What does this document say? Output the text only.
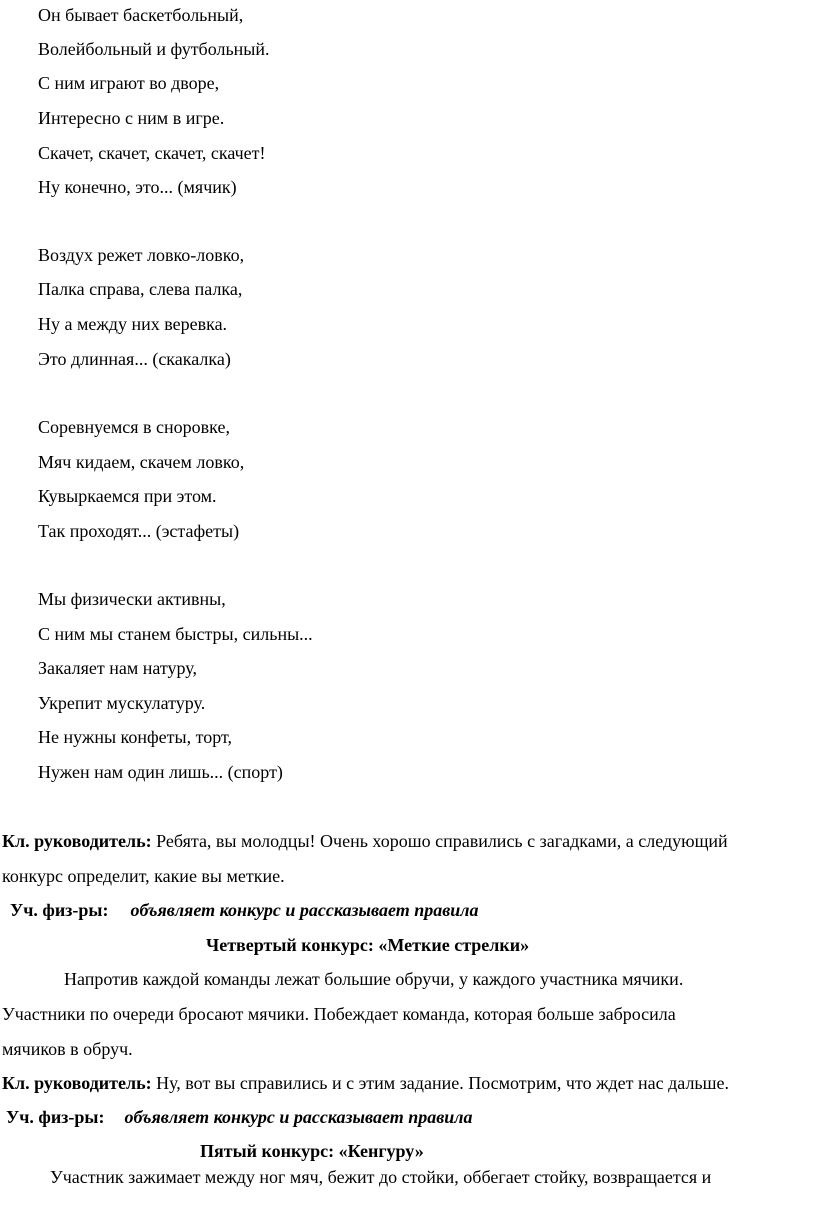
Он бывает баскетбольный,
Волейбольный и футбольный.
С ним играют во дворе,
Интересно с ним в игре.
Скачет, скачет, скачет, скачет!
Ну конечно, это... (мячик)
Воздух режет ловко-ловко,
Палка справа, слева палка,
Ну а между них веревка.
Это длинная... (скакалка)
Соревнуемся в сноровке,
Мяч кидаем, скачем ловко,
Кувыркаемся при этом.
Так проходят... (эстафеты)
Мы физически активны,
С ним мы станем быстры, сильны...
Закаляет нам натуру,
Укрепит мускулатуру.
Не нужны конфеты, торт,
Нужен нам один лишь... (спорт)
Кл. руководитель: Ребята, вы молодцы! Очень хорошо справились с загадками, а следующий
конкурс определит, какие вы меткие.
Уч. физ-ры: объявляет конкурс и рассказывает правила
Четвертый конкурс: «Меткие стрелки»
Напротив каждой команды лежат большие обручи, у каждого участника мячики.
Участники по очереди бросают мячики. Побеждает команда, которая больше забросила
мячиков в обруч.
Кл. руководитель: Ну, вот вы справились и с этим задание. Посмотрим, что ждет нас дальше.
Уч. физ-ры: объявляет конкурс и рассказывает правила
Пятый конкурс: «Кенгуру»
Участник зажимает между ног мяч, бежит до стойки, оббегает стойку, возвращается и
